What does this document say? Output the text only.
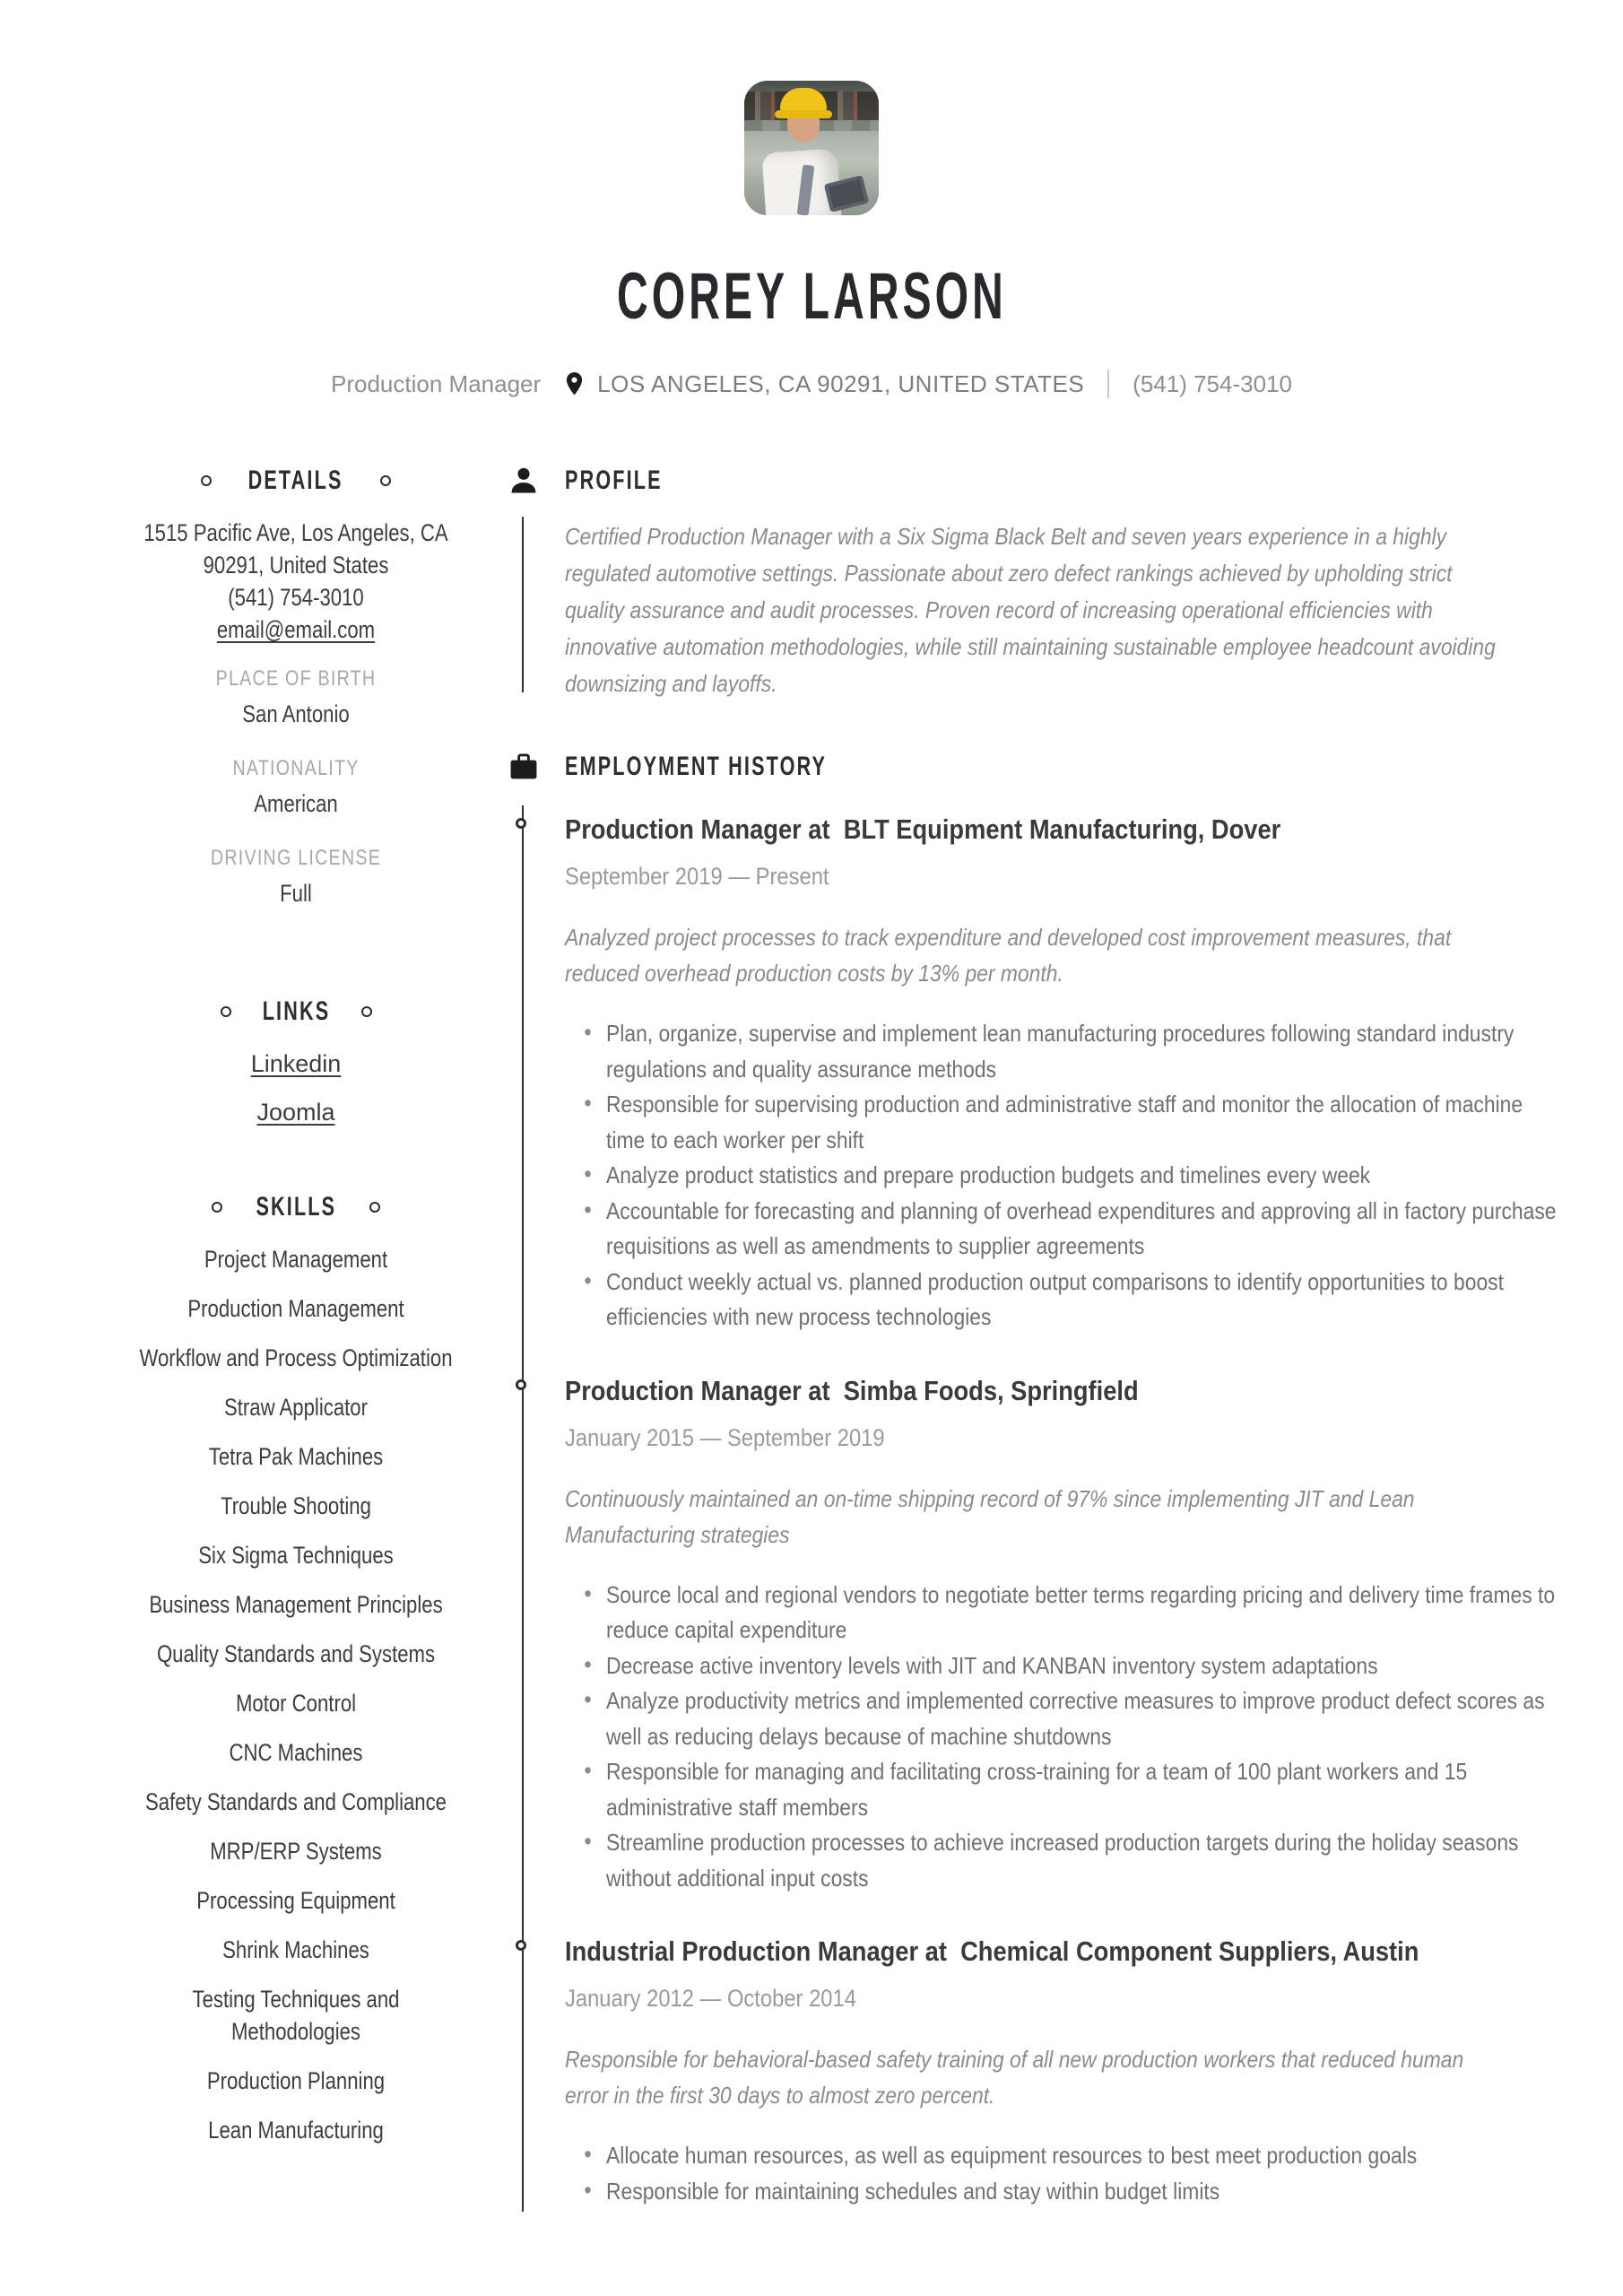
COREY LARSON
Production Manager LOS ANGELES, CA 90291, UNITED STATES (541) 754-3010
DETAILS
1515 Pacific Ave, Los Angeles, CA
90291, United States
(541) 754-3010
email@email.com
PLACE OF BIRTH
San Antonio
NATIONALITY
American
DRIVING LICENSE
Full
LINKS
Linkedin
Joomla
SKILLS
Project Management
Production Management
Workflow and Process Optimization
Straw Applicator
Tetra Pak Machines
Trouble Shooting
Six Sigma Techniques
Business Management Principles
Quality Standards and Systems
Motor Control
CNC Machines
Safety Standards and Compliance
MRP/ERP Systems
Processing Equipment
Shrink Machines
Testing Techniques and Methodologies
Production Planning
Lean Manufacturing
PROFILE

Certified Production Manager with a Six Sigma Black Belt and seven years experience in a highly regulated automotive settings. Passionate about zero defect rankings achieved by upholding strict quality assurance and audit processes. Proven record of increasing operational efficiencies with innovative automation methodologies, while still maintaining sustainable employee headcount avoiding downsizing and layoffs.

EMPLOYMENT HISTORY
Production Manager at  BLT Equipment Manufacturing, Dover
September 2019 — Present

Analyzed project processes to track expenditure and developed cost improvement measures, that reduced overhead production costs by 13% per month.

• Plan, organize, supervise and implement lean manufacturing procedures following standard industry regulations and quality assurance methods
• Responsible for supervising production and administrative staff and monitor the allocation of machine time to each worker per shift
• Analyze product statistics and prepare production budgets and timelines every week
• Accountable for forecasting and planning of overhead expenditures and approving all in factory purchase requisitions as well as amendments to supplier agreements
• Conduct weekly actual vs. planned production output comparisons to identify opportunities to boost efficiencies with new process technologies
Production Manager at  Simba Foods, Springfield
January 2015 — September 2019

Continuously maintained an on-time shipping record of 97% since implementing JIT and Lean Manufacturing strategies

• Source local and regional vendors to negotiate better terms regarding pricing and delivery time frames to reduce capital expenditure
• Decrease active inventory levels with JIT and KANBAN inventory system adaptations
• Analyze productivity metrics and implemented corrective measures to improve product defect scores as well as reducing delays because of machine shutdowns
• Responsible for managing and facilitating cross-training for a team of 100 plant workers and 15 administrative staff members
• Streamline production processes to achieve increased production targets during the holiday seasons without additional input costs
Industrial Production Manager at  Chemical Component Suppliers, Austin
January 2012 — October 2014

Responsible for behavioral-based safety training of all new production workers that reduced human error in the first 30 days to almost zero percent.

• Allocate human resources, as well as equipment resources to best meet production goals
• Responsible for maintaining schedules and stay within budget limits
